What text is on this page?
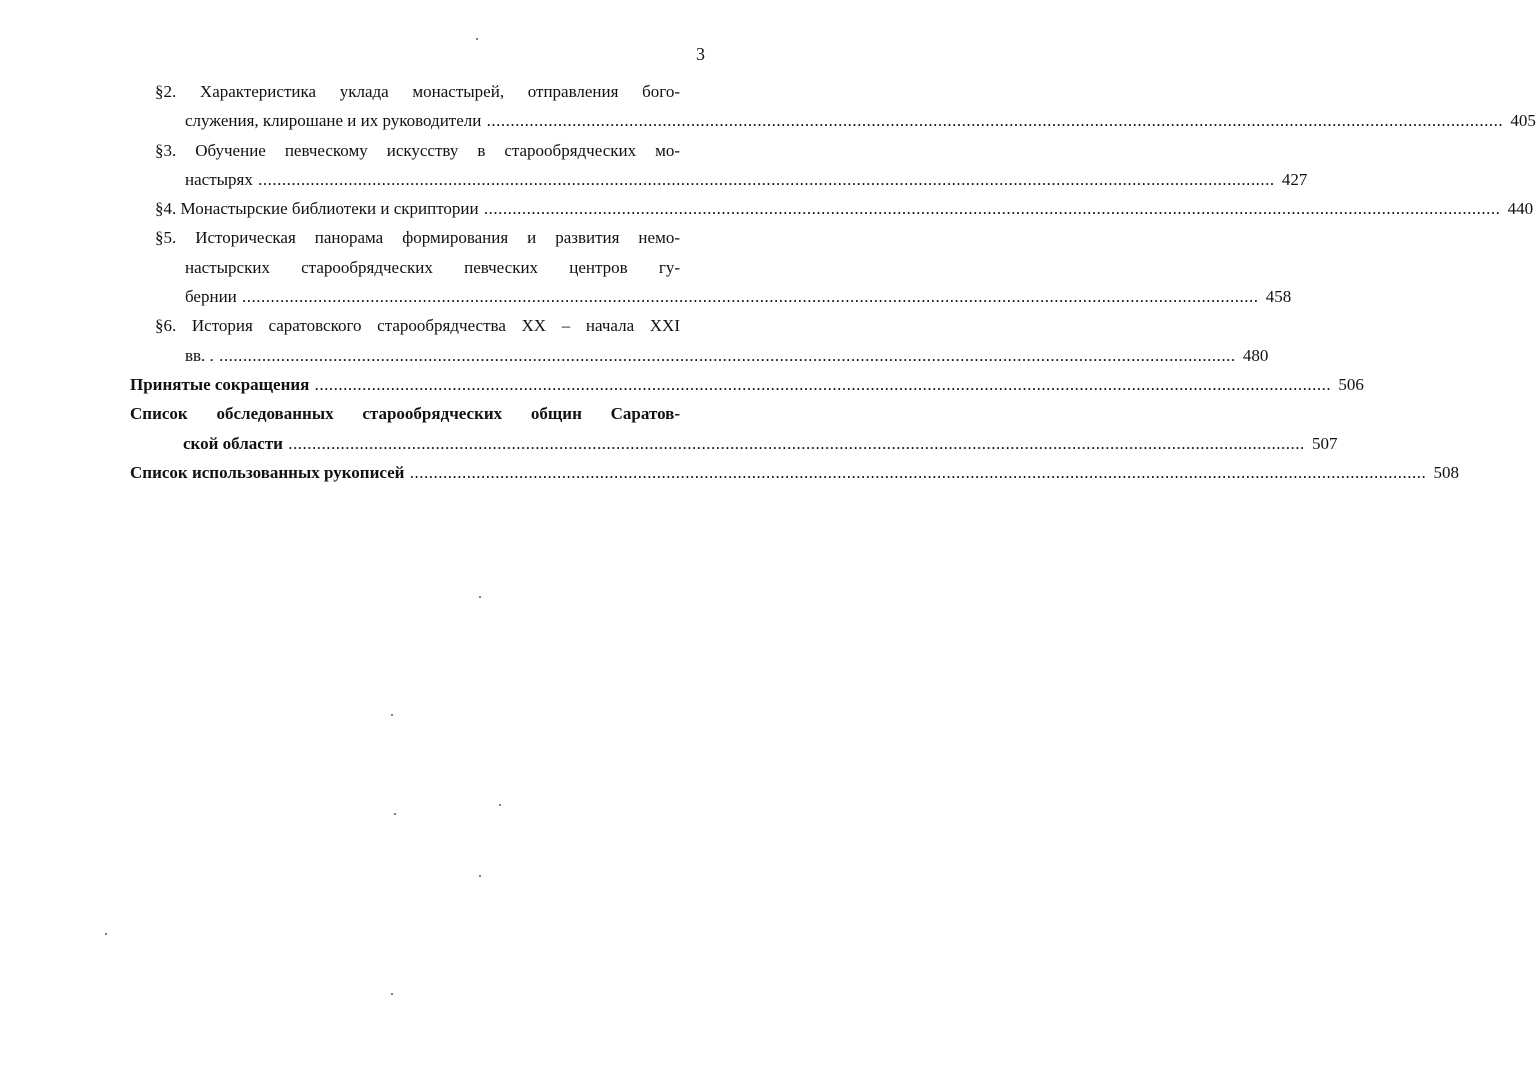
3
§2. Характеристика уклада монастырей, отправления бого-
служения, клирошане и их руководители .....	405
§3. Обучение певческому искусству в старообрядческих мо-
настырях .....	427
§4. Монастырские библиотеки и скриптории .....	440
§5. Историческая панорама формирования и развития немо-
настырских старообрядческих певческих центров гу-
бернии .....	458
§6. История саратовского старообрядчества XX – начала XXI
вв. . .....	480
Принятые сокращения .....	506
Список обследованных старообрядческих общин Саратов-
ской области .....	507
Список использованных рукописей .....	508
